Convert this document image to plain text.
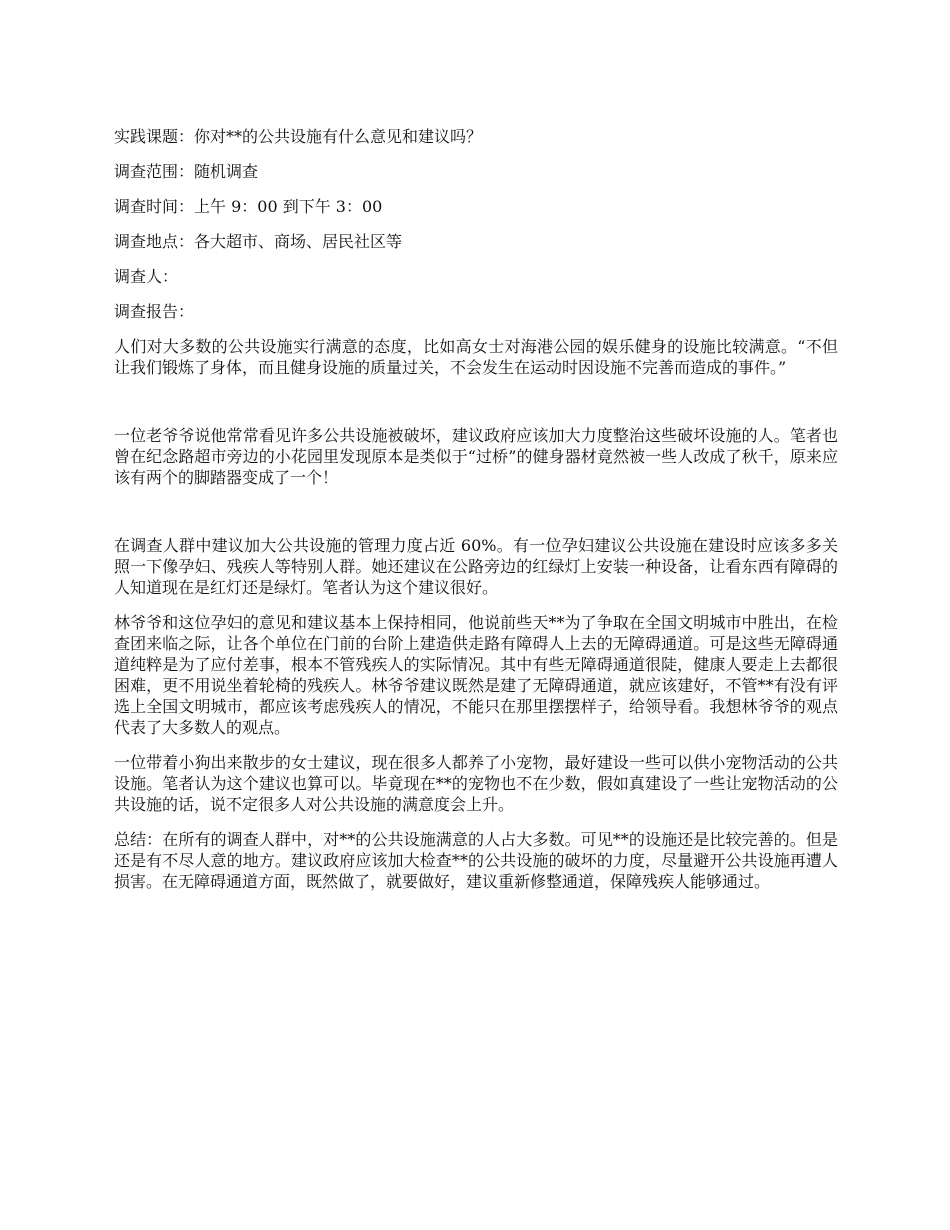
实践课题：你对**的公共设施有什么意见和建议吗？
调查范围：随机调查
调查时间：上午 9：00 到下午 3：00
调查地点：各大超市、商场、居民社区等
调查人：
调查报告：

人们对大多数的公共设施实行满意的态度，比如高女士对海港公园的娱乐健身的设施比较满意。“不但让我们锻炼了身体，而且健身设施的质量过关，不会发生在运动时因设施不完善而造成的事件。”

一位老爷爷说他常常看见许多公共设施被破坏，建议政府应该加大力度整治这些破坏设施的人。笔者也曾在纪念路超市旁边的小花园里发现原本是类似于“过桥”的健身器材竟然被一些人改成了秋千，原来应该有两个的脚踏器变成了一个！

在调查人群中建议加大公共设施的管理力度占近 60%。有一位孕妇建议公共设施在建设时应该多多关照一下像孕妇、残疾人等特别人群。她还建议在公路旁边的红绿灯上安装一种设备，让看东西有障碍的人知道现在是红灯还是绿灯。笔者认为这个建议很好。

林爷爷和这位孕妇的意见和建议基本上保持相同，他说前些天**为了争取在全国文明城市中胜出，在检查团来临之际，让各个单位在门前的台阶上建造供走路有障碍人上去的无障碍通道。可是这些无障碍通道纯粹是为了应付差事，根本不管残疾人的实际情况。其中有些无障碍通道很陡，健康人要走上去都很困难，更不用说坐着轮椅的残疾人。林爷爷建议既然是建了无障碍通道，就应该建好，不管**有没有评选上全国文明城市，都应该考虑残疾人的情况，不能只在那里摆摆样子，给领导看。我想林爷爷的观点代表了大多数人的观点。

一位带着小狗出来散步的女士建议，现在很多人都养了小宠物，最好建设一些可以供小宠物活动的公共设施。笔者认为这个建议也算可以。毕竟现在**的宠物也不在少数，假如真建设了一些让宠物活动的公共设施的话，说不定很多人对公共设施的满意度会上升。

总结：在所有的调查人群中，对**的公共设施满意的人占大多数。可见**的设施还是比较完善的。但是还是有不尽人意的地方。建议政府应该加大检查**的公共设施的破坏的力度，尽量避开公共设施再遭人损害。在无障碍通道方面，既然做了，就要做好，建议重新修整通道，保障残疾人能够通过。
